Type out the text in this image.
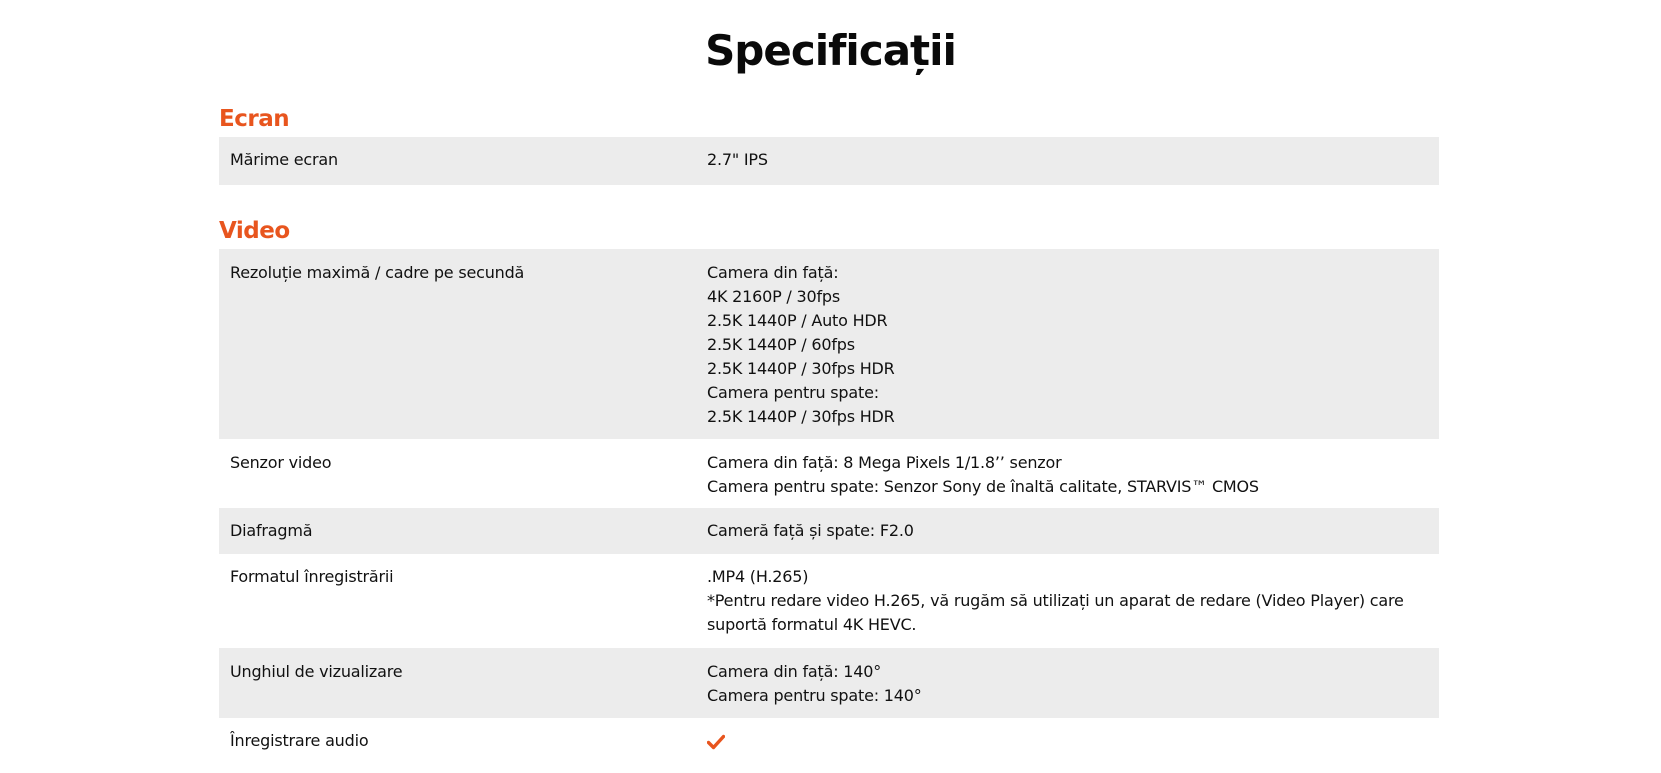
Specificații
Ecran
Mărime ecran	2.7" IPS
Video
Rezoluție maximă / cadre pe secundă	Camera din față:
4K 2160P / 30fps
2.5K 1440P / Auto HDR
2.5K 1440P / 60fps
2.5K 1440P / 30fps HDR
Camera pentru spate:
2.5K 1440P / 30fps HDR
Senzor video	Camera din față: 8 Mega Pixels 1/1.8’’ senzor
Camera pentru spate: Senzor Sony de înaltă calitate, STARVIS™ CMOS
Diafragmă	Cameră față și spate: F2.0
Formatul înregistrării	.MP4 (H.265)
*Pentru redare video H.265, vă rugăm să utilizați un aparat de redare (Video Player) care suportă formatul 4K HEVC.
Unghiul de vizualizare	Camera din față: 140°
Camera pentru spate: 140°
Înregistrare audio
